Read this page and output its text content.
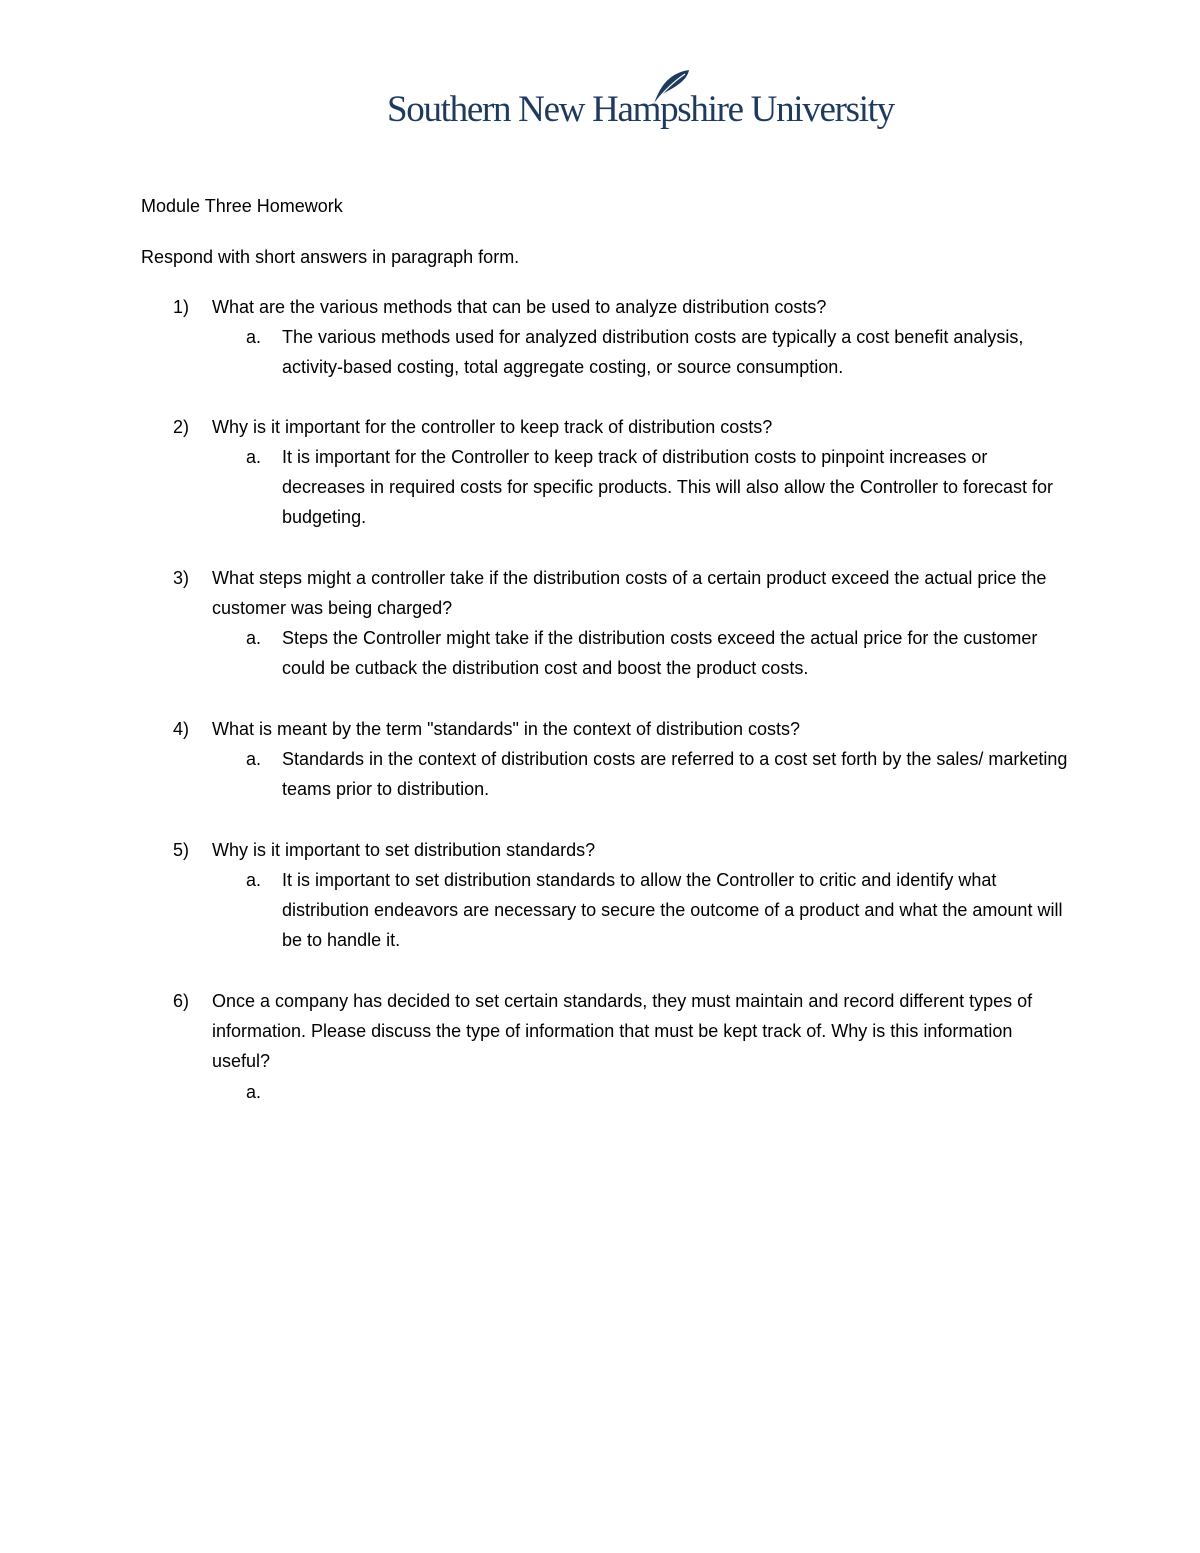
Southern New Hampshire University
Module Three Homework
Respond with short answers in paragraph form.
1) What are the various methods that can be used to analyze distribution costs?
a. The various methods used for analyzed distribution costs are typically a cost benefit analysis, activity-based costing, total aggregate costing, or source consumption.
2) Why is it important for the controller to keep track of distribution costs?
a. It is important for the Controller to keep track of distribution costs to pinpoint increases or decreases in required costs for specific products. This will also allow the Controller to forecast for budgeting.
3) What steps might a controller take if the distribution costs of a certain product exceed the actual price the customer was being charged?
a. Steps the Controller might take if the distribution costs exceed the actual price for the customer could be cutback the distribution cost and boost the product costs.
4) What is meant by the term "standards" in the context of distribution costs?
a. Standards in the context of distribution costs are referred to a cost set forth by the sales/ marketing teams prior to distribution.
5) Why is it important to set distribution standards?
a. It is important to set distribution standards to allow the Controller to critic and identify what distribution endeavors are necessary to secure the outcome of a product and what the amount will be to handle it.
6) Once a company has decided to set certain standards, they must maintain and record different types of information. Please discuss the type of information that must be kept track of. Why is this information useful?
a.
